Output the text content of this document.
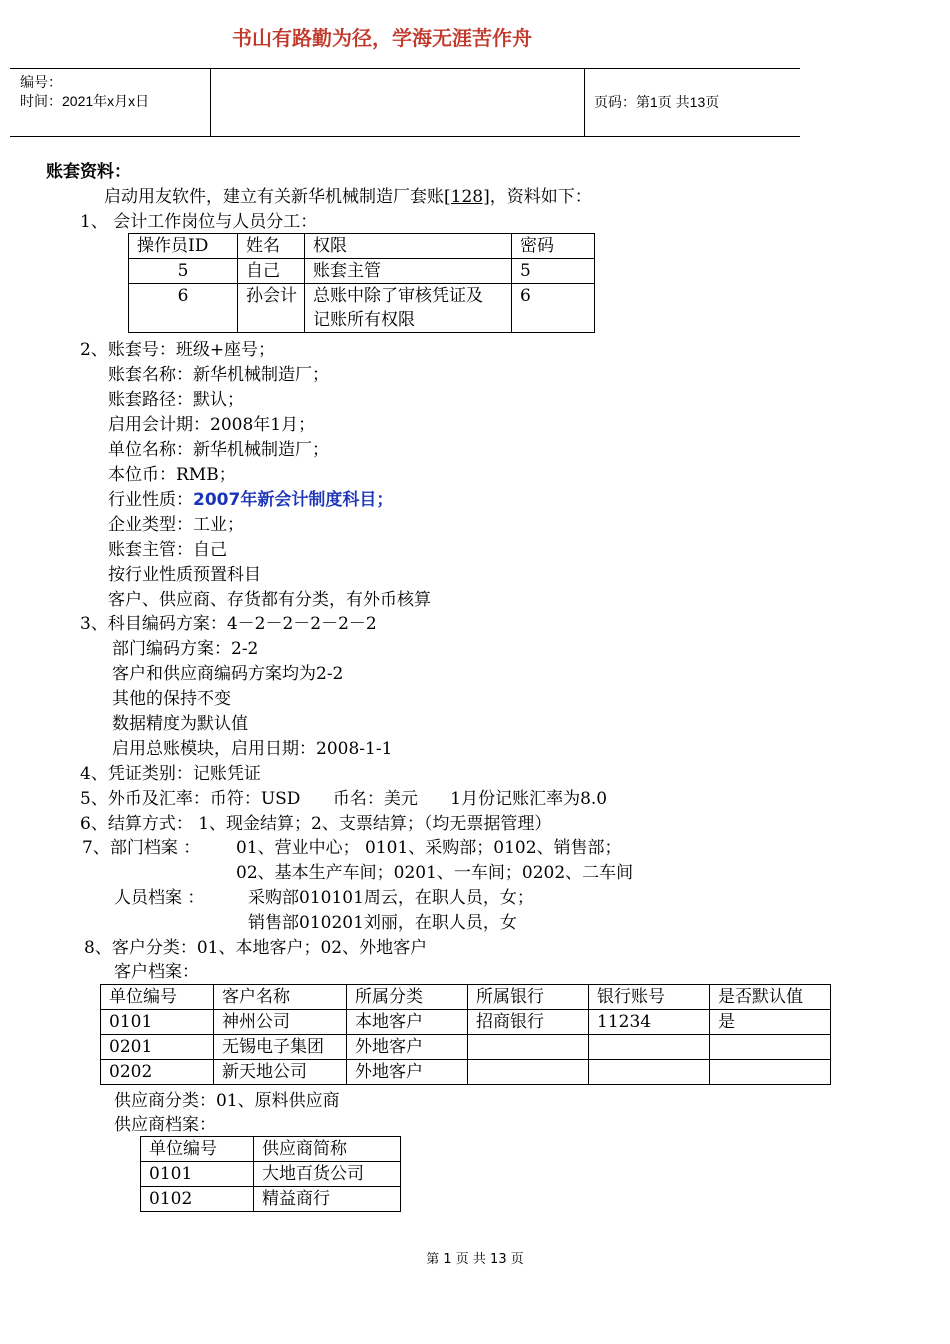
编号：
时间：2021年x月x日
书山有路勤为径，学海无涯苦作舟
页码：第1页 共13页
账套资料：
启动用友软件，建立有关新华机械制造厂套账[128]，资料如下：
1、 会计工作岗位与人员分工：
操作员ID	姓名	权限	密码
5	自己	账套主管	5
6	孙会计	总账中除了审核凭证及
记账所有权限	6
2、账套号：班级+座号；
账套名称：新华机械制造厂；
账套路径：默认；
启用会计期：2008年1月；
单位名称：新华机械制造厂；
本位币：RMB；
行业性质：2007年新会计制度科目；
企业类型：工业；
账套主管：自己
按行业性质预置科目
客户、供应商、存货都有分类，有外币核算
3、科目编码方案：4－2－2－2－2－2
部门编码方案：2-2
客户和供应商编码方案均为2-2
其他的保持不变
数据精度为默认值
启用总账模块，启用日期：2008-1-1
4、凭证类别：记账凭证
5、外币及汇率：币符：USD      币名：美元      1月份记账汇率为8.0
6、结算方式： 1、现金结算；2、支票结算；（均无票据管理）
7、部门档案 ： 01、营业中心； 0101、采购部；0102、销售部；
02、基本生产车间；0201、一车间；0202、二车间
人员档案 ：	采购部010101周云，在职人员，女；
销售部010201刘丽，在职人员，女
8、客户分类：01、本地客户；02、外地客户
客户档案：
单位编号	客户名称	所属分类	所属银行	银行账号	是否默认值
0101	神州公司	本地客户	招商银行	11234	是
0201	无锡电子集团	外地客户			
0202	新天地公司	外地客户			
供应商分类：01、原料供应商
供应商档案：
单位编号	供应商简称
0101	大地百货公司
0102	精益商行
第 1 页 共 13 页
